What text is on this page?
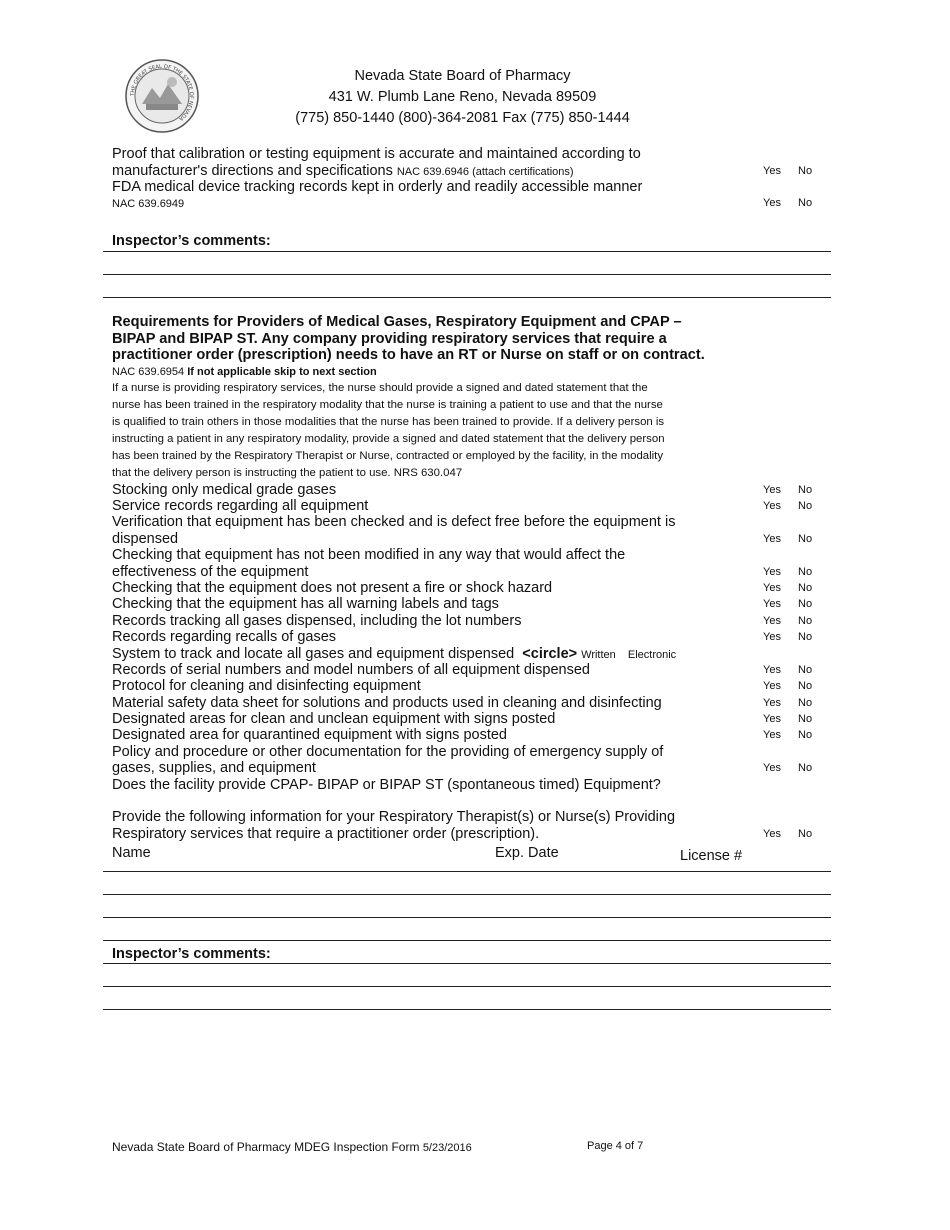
THE GREAT SEAL OF THE STATE OF NEVADA
Nevada State Board of Pharmacy
431 W. Plumb Lane Reno, Nevada 89509
(775) 850-1440 (800)-364-2081 Fax (775) 850-1444
Proof that calibration or testing equipment is accurate and maintained according to
manufacturer's directions and specifications NAC 639.6946 (attach certifications)	Yes No
FDA medical device tracking records kept in orderly and readily accessible manner
NAC 639.6949	Yes No
Inspector’s comments:
Requirements for Providers of Medical Gases, Respiratory Equipment and CPAP –
BIPAP and BIPAP ST. Any company providing respiratory services that require a
practitioner order (prescription) needs to have an RT or Nurse on staff or on contract.
NAC 639.6954 If not applicable skip to next section
If a nurse is providing respiratory services, the nurse should provide a signed and dated statement that the
nurse has been trained in the respiratory modality that the nurse is training a patient to use and that the nurse
is qualified to train others in those modalities that the nurse has been trained to provide. If a delivery person is
instructing a patient in any respiratory modality, provide a signed and dated statement that the delivery person
has been trained by the Respiratory Therapist or Nurse, contracted or employed by the facility, in the modality
that the delivery person is instructing the patient to use. NRS 630.047
Stocking only medical grade gases	Yes No
Service records regarding all equipment	Yes No
Verification that equipment has been checked and is defect free before the equipment is
dispensed	Yes No
Checking that equipment has not been modified in any way that would affect the
effectiveness of the equipment	Yes No
Checking that the equipment does not present a fire or shock hazard	Yes No
Checking that the equipment has all warning labels and tags	Yes No
Records tracking all gases dispensed, including the lot numbers	Yes No
Records regarding recalls of gases	Yes No
System to track and locate all gases and equipment dispensed <circle> Written Electronic
Records of serial numbers and model numbers of all equipment dispensed	Yes No
Protocol for cleaning and disinfecting equipment	Yes No
Material safety data sheet for solutions and products used in cleaning and disinfecting	Yes No
Designated areas for clean and unclean equipment with signs posted	Yes No
Designated area for quarantined equipment with signs posted	Yes No
Policy and procedure or other documentation for the providing of emergency supply of
gases, supplies, and equipment	Yes No
Does the facility provide CPAP- BIPAP or BIPAP ST (spontaneous timed) Equipment?
Provide the following information for your Respiratory Therapist(s) or Nurse(s) Providing
Respiratory services that require a practitioner order (prescription).	Yes No
Name	Exp. Date	License #
Inspector’s comments:
Nevada State Board of Pharmacy MDEG Inspection Form 5/23/2016	Page 4 of 7
